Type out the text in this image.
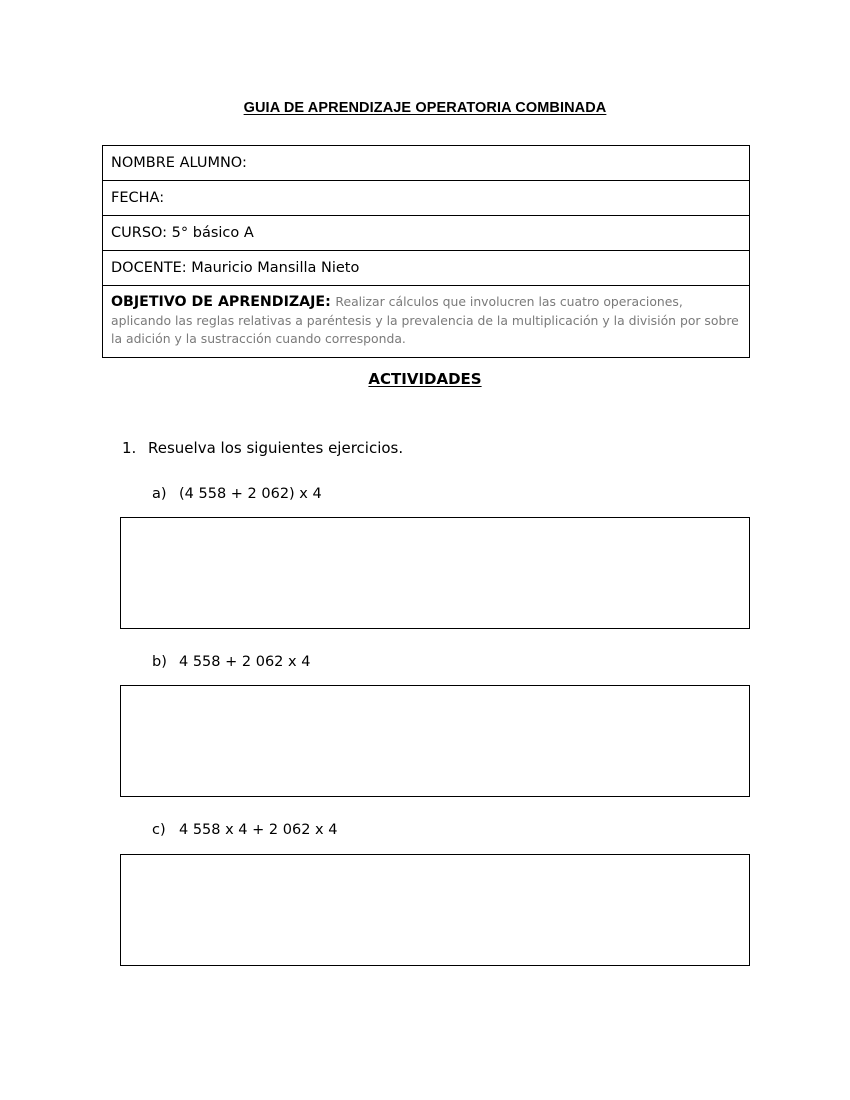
GUIA DE APRENDIZAJE OPERATORIA COMBINADA
NOMBRE ALUMNO:
FECHA:
CURSO: 5° básico A
DOCENTE: Mauricio Mansilla Nieto
OBJETIVO DE APRENDIZAJE: Realizar cálculos que involucren las cuatro operaciones, aplicando las reglas relativas a paréntesis y la prevalencia de la multiplicación y la división por sobre la adición y la sustracción cuando corresponda.
ACTIVIDADES
1. Resuelva los siguientes ejercicios.
a) (4 558 + 2 062) x 4
b) 4 558 + 2 062 x 4
c) 4 558 x 4 + 2 062 x 4
